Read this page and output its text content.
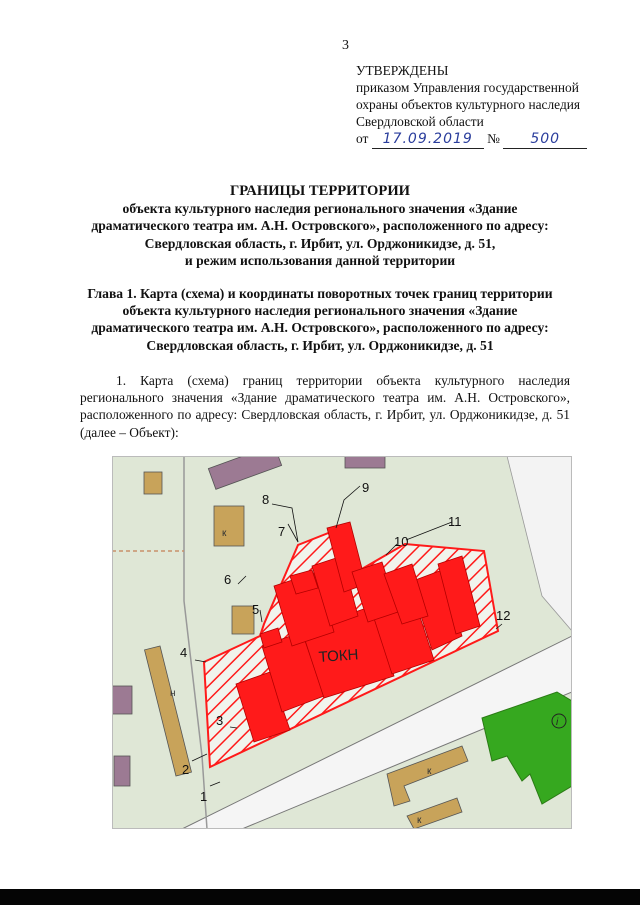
3
УТВЕРЖДЕНЫ
приказом Управления государственной
охраны объектов культурного наследия
Свердловской области
от 17.09.2019 № 500
ГРАНИЦЫ ТЕРРИТОРИИ
объекта культурного наследия регионального значения «Здание
драматического театра им. А.Н. Островского», расположенного по адресу:
Свердловская область, г. Ирбит, ул. Орджоникидзе, д. 51,
и режим использования данной территории
Глава 1. Карта (схема) и координаты поворотных точек границ территории
объекта культурного наследия регионального значения «Здание
драматического театра им. А.Н. Островского», расположенного по адресу:
Свердловская область, г. Ирбит, ул. Орджоникидзе, д. 51
1. Карта (схема) границ территории объекта культурного наследия регионального значения «Здание драматического театра им. А.Н. Островского», расположенного по адресу: Свердловская область, г. Ирбит, ул. Орджоникидзе, д. 51 (далее – Объект):
к
н
к
к
i
ТОКН
1
2
3
4
5
6
7
8
9
10
11
12
